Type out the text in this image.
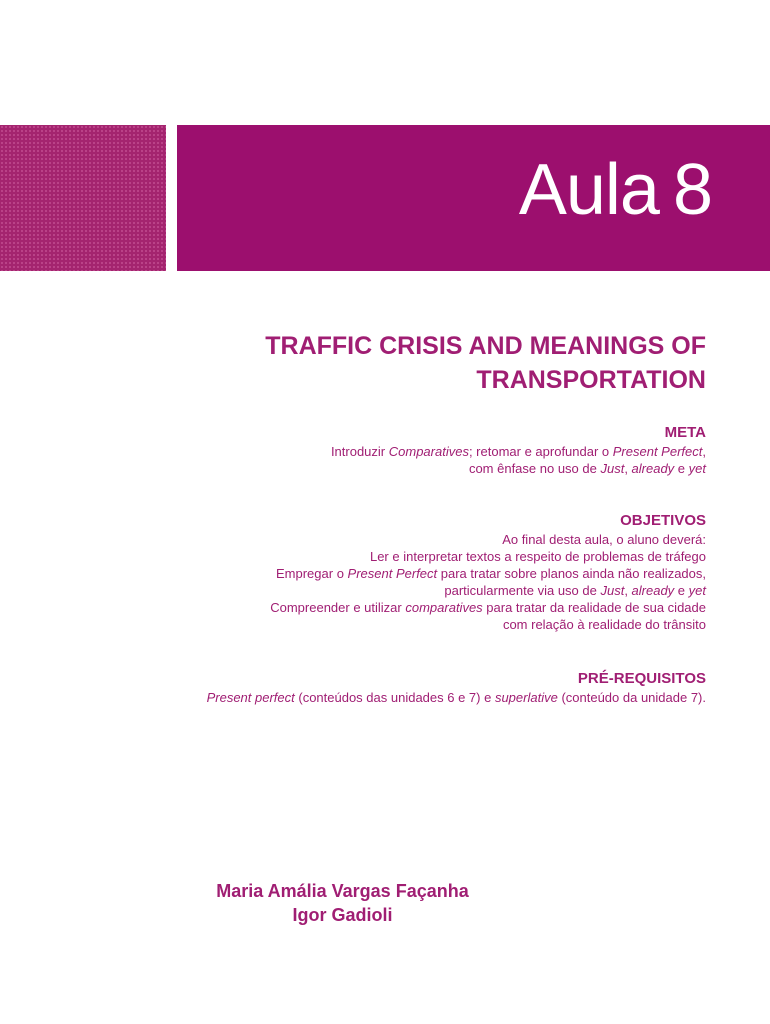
Aula 8
TRAFFIC CRISIS AND MEANINGS OF
TRANSPORTATION
META
Introduzir Comparatives; retomar e aprofundar o Present Perfect,
com ênfase no uso de Just, already e yet
OBJETIVOS
Ao final desta aula, o aluno deverá:
Ler e interpretar textos a respeito de problemas de tráfego
Empregar o Present Perfect para tratar sobre planos ainda não realizados,
particularmente via uso de Just, already e yet
Compreender e utilizar comparatives para tratar da realidade de sua cidade
com relação à realidade do trânsito
PRÉ-REQUISITOS
Present perfect (conteúdos das unidades 6 e 7) e superlative (conteúdo da unidade 7).
Maria Amália Vargas Façanha
Igor Gadioli
